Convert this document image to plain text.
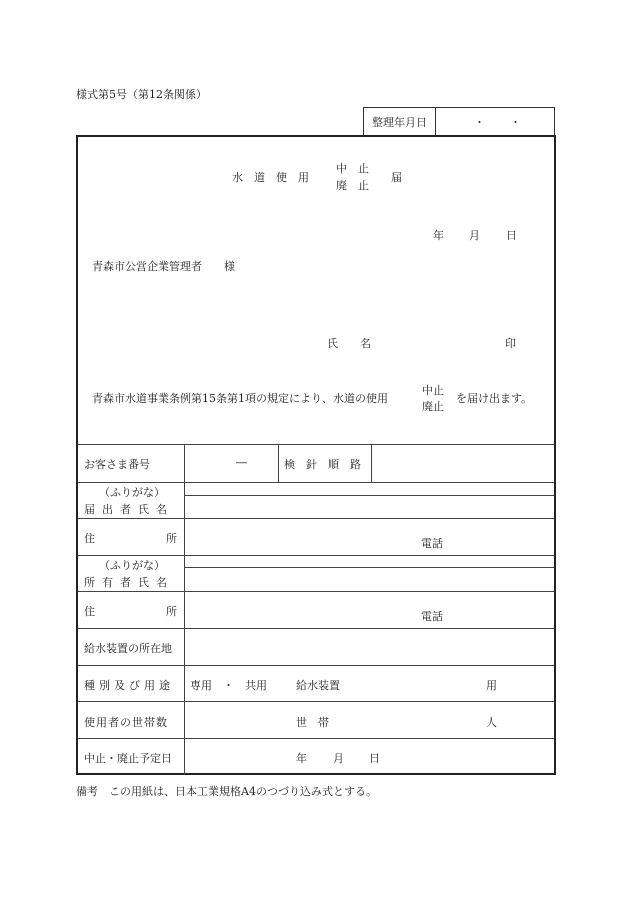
様式第5号（第12条関係）
整理年月日	・ ・
水　道　使　用
中　止
廃　止
届
年 月 日
青森市公営企業管理者　　様
氏　　名	印
青森市水道事業条例第15条第1項の規定により、水道の使用
中止
廃止
を届け出ます。
お客さま番号	―	検　針　順　路
（ふりがな）
届出者氏名
住	所	電話
（ふりがな）
所有者氏名
住	所	電話
給水装置の所在地
種別及び用途 専用　・　共用	給水装置	用
使用者の世帯数	世　帯	人
中止・廃止予定日	年 月 日
備考　この用紙は、日本工業規格A4のつづり込み式とする。
